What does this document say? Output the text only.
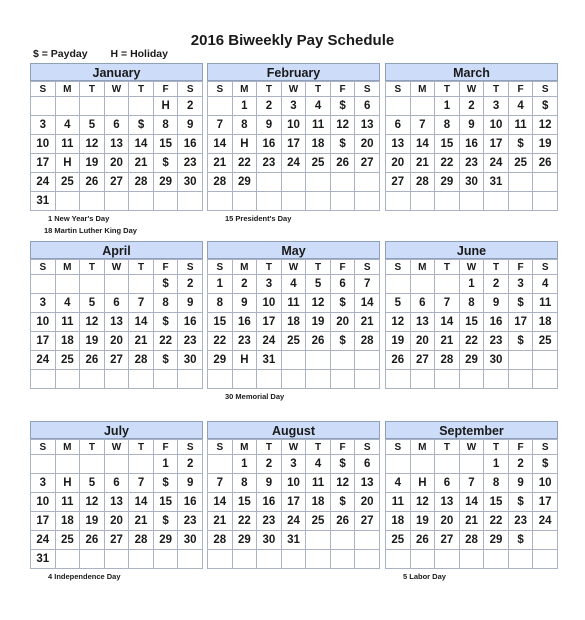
2016 Biweekly Pay Schedule
$ = Payday H = Holiday
January
S	M	T	W	T	F	S
					H	2
3	4	5	6	$	8	9
10	11	12	13	14	15	16
17	H	19	20	21	$	23
24	25	26	27	28	29	30
31						
1 New Year's Day
18 Martin Luther King Day
February
S	M	T	W	T	F	S
	1	2	3	4	$	6
7	8	9	10	11	12	13
14	H	16	17	18	$	20
21	22	23	24	25	26	27
28	29					

15 President's Day
March
S	M	T	W	T	F	S
		1	2	3	4	$
6	7	8	9	10	11	12
13	14	15	16	17	$	19
20	21	22	23	24	25	26
27	28	29	30	31		

April
S	M	T	W	T	F	S
					$	2
3	4	5	6	7	8	9
10	11	12	13	14	$	16
17	18	19	20	21	22	23
24	25	26	27	28	$	30

May
S	M	T	W	T	F	S
1	2	3	4	5	6	7
8	9	10	11	12	$	14
15	16	17	18	19	20	21
22	23	24	25	26	$	28
29	H	31				

30 Memorial Day
June
S	M	T	W	T	F	S
			1	2	3	4
5	6	7	8	9	$	11
12	13	14	15	16	17	18
19	20	21	22	23	$	25
26	27	28	29	30		

July
S	M	T	W	T	F	S
					1	2
3	H	5	6	7	$	9
10	11	12	13	14	15	16
17	18	19	20	21	$	23
24	25	26	27	28	29	30
31						
4 Independence Day
August
S	M	T	W	T	F	S
	1	2	3	4	$	6
7	8	9	10	11	12	13
14	15	16	17	18	$	20
21	22	23	24	25	26	27
28	29	30	31			

September
S	M	T	W	T	F	S
				1	2	$
4	H	6	7	8	9	10
11	12	13	14	15	$	17
18	19	20	21	22	23	24
25	26	27	28	29	$	

5 Labor Day
